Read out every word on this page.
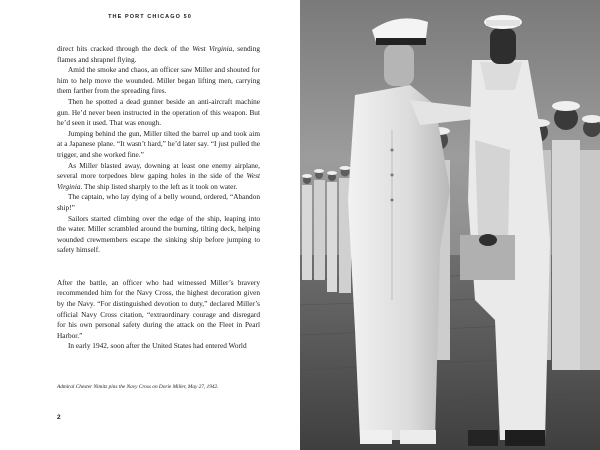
THE PORT CHICAGO 50

direct hits cracked through the deck of the West Virginia, sending flames and shrapnel flying.

Amid the smoke and chaos, an officer saw Miller and shouted for him to help move the wounded. Miller began lifting men, carrying them farther from the spreading fires.

Then he spotted a dead gunner beside an anti-aircraft machine gun. He’d never been instructed in the operation of this weapon. But he’d seen it used. That was enough.

Jumping behind the gun, Miller tilted the barrel up and took aim at a Japanese plane. “It wasn’t hard,” he’d later say. “I just pulled the trigger, and she worked fine.”

As Miller blasted away, downing at least one enemy airplane, several more torpedoes blew gaping holes in the side of the West Virginia. The ship listed sharply to the left as it took on water.

The captain, who lay dying of a belly wound, ordered, “Abandon ship!”

Sailors started climbing over the edge of the ship, leaping into the water. Miller scrambled around the burning, tilting deck, helping wounded crewmembers escape the sinking ship before jumping to safety himself.

After the battle, an officer who had witnessed Miller’s bravery recommended him for the Navy Cross, the highest decoration given by the Navy. “For distinguished devotion to duty,” declared Miller’s official Navy Cross citation, “extraordinary courage and disregard for his own personal safety during the attack on the Fleet in Pearl Harbor.”

In early 1942, soon after the United States had entered World

Admiral Chester Nimitz pins the Navy Cross on Dorie Miller, May 27, 1942.
2
